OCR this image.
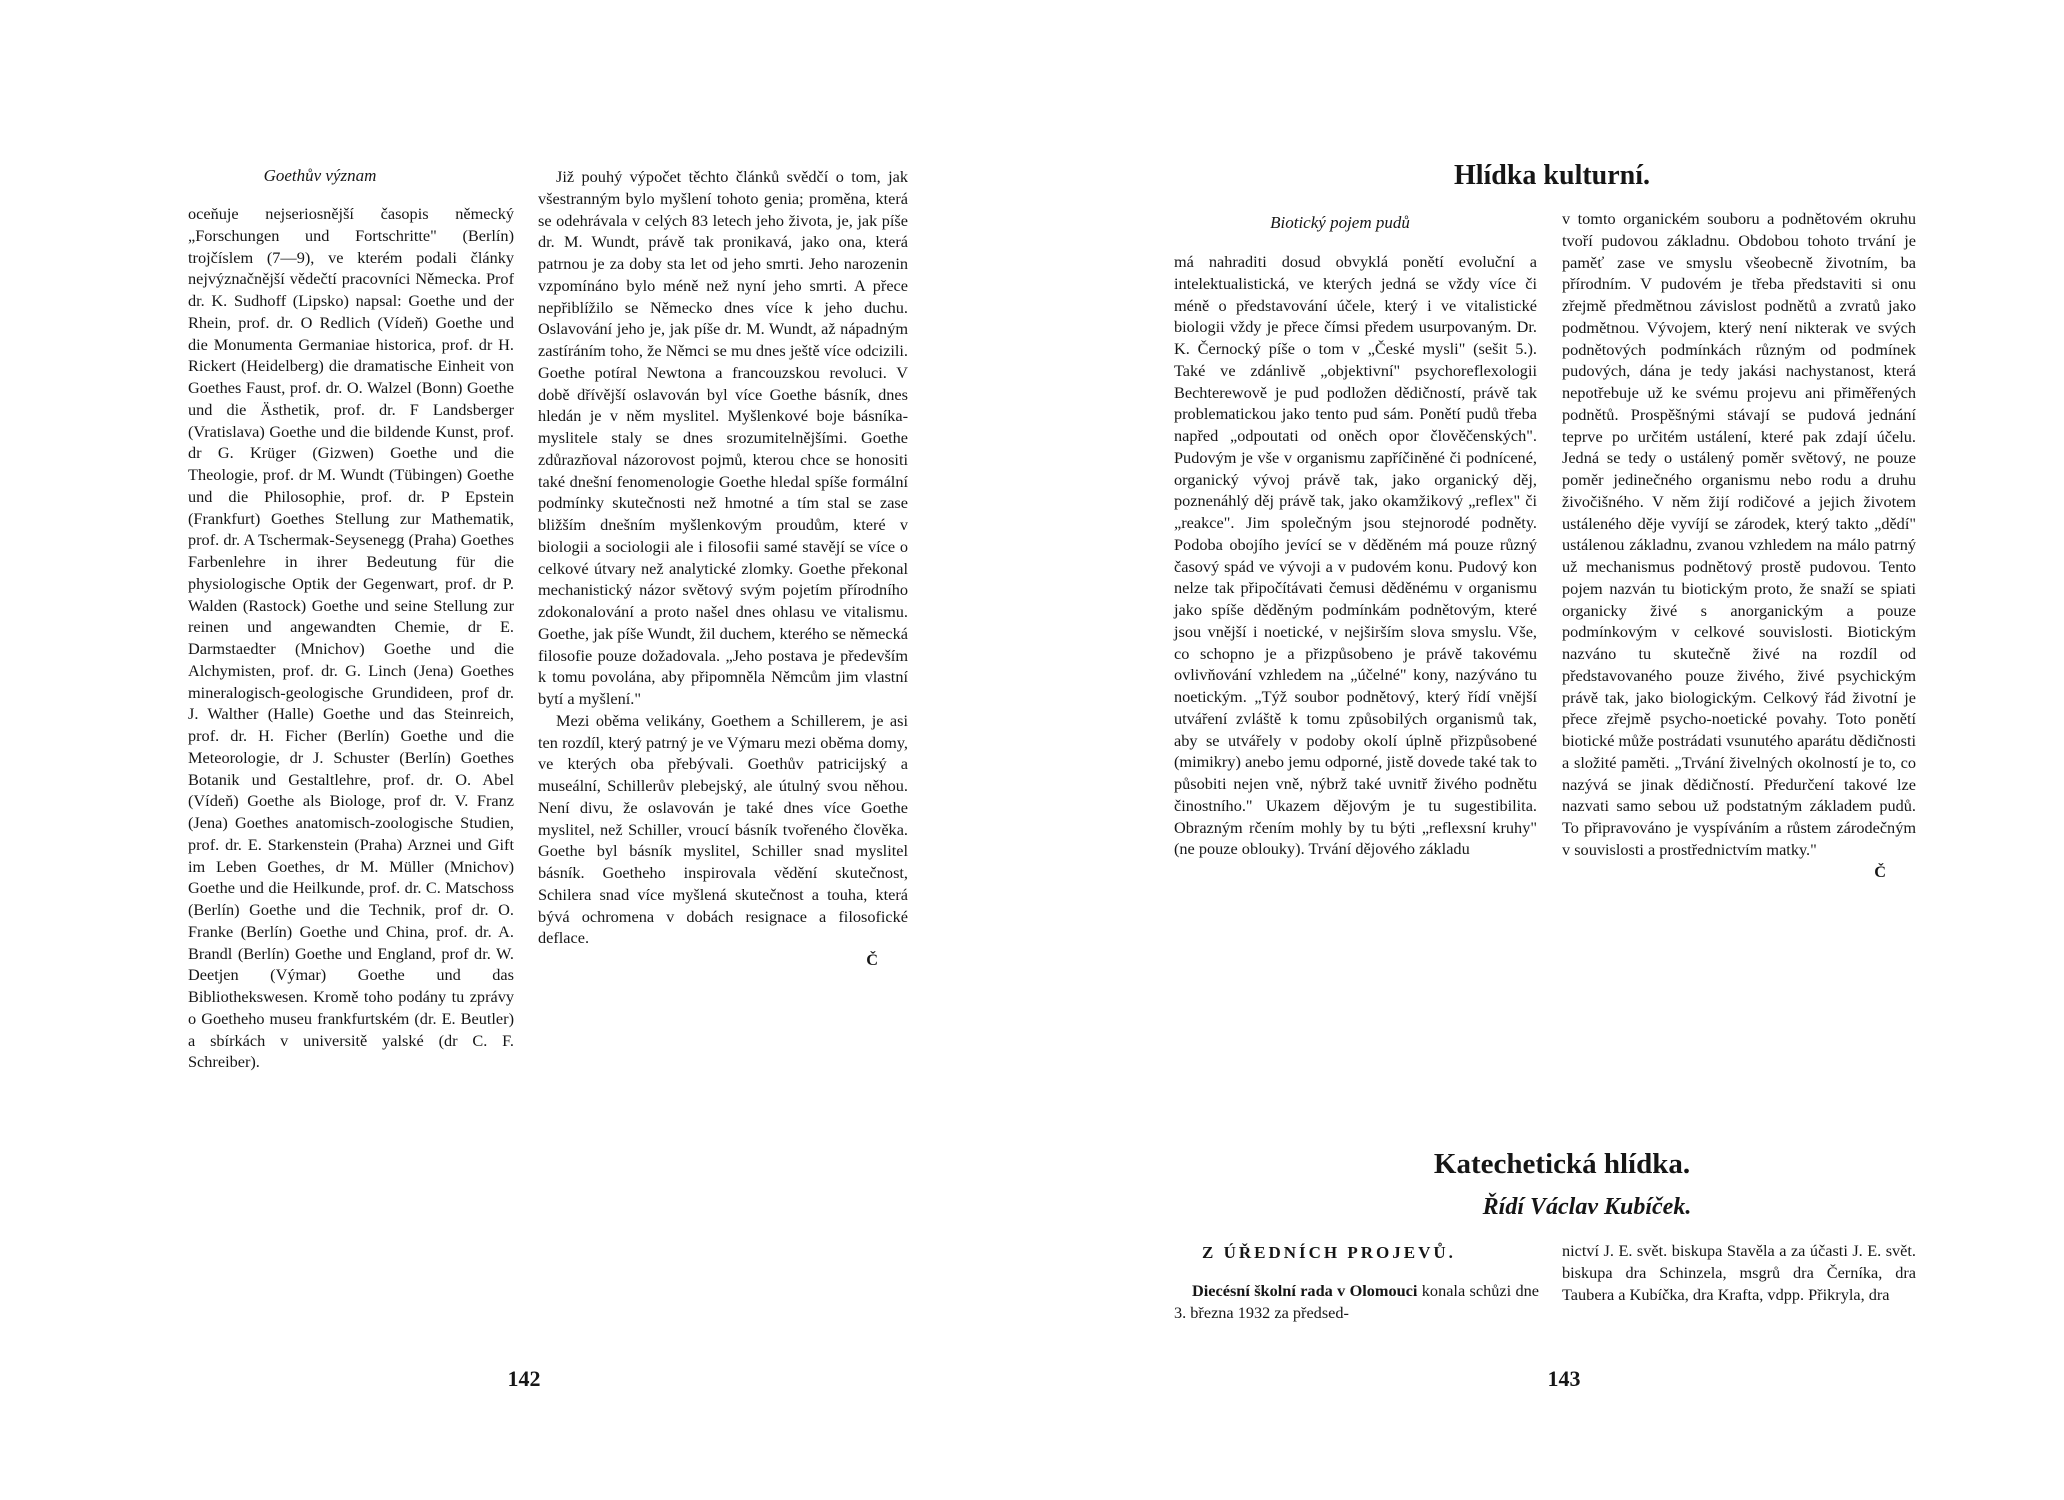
Goethův význam

oceňuje nejseriosnější časopis německý „Forschungen und Fortschritte" (Berlín) trojčíslem (7—9), ve kterém podali články nejvýznačnější vědečtí pracovníci Německa. Prof dr. K. Sudhoff (Lipsko) napsal: Goethe und der Rhein, prof. dr. O Redlich (Vídeň) Goethe und die Monumenta Germaniae historica, prof. dr H. Rickert (Heidelberg) die dramatische Einheit von Goethes Faust, prof. dr. O. Walzel (Bonn) Goethe und die Ästhetik, prof. dr. F Landsberger (Vratislava) Goethe und die bildende Kunst, prof. dr G. Krüger (Gizwen) Goethe und die Theologie, prof. dr M. Wundt (Tübingen) Goethe und die Philosophie, prof. dr. P Epstein (Frankfurt) Goethes Stellung zur Mathematik, prof. dr. A Tschermak-Seysenegg (Praha) Goethes Farbenlehre in ihrer Bedeutung für die physiologische Optik der Gegenwart, prof. dr P. Walden (Rastock) Goethe und seine Stellung zur reinen und angewandten Chemie, dr E. Darmstaedter (Mnichov) Goethe und die Alchymisten, prof. dr. G. Linch (Jena) Goethes mineralogisch-geologische Grundideen, prof dr. J. Walther (Halle) Goethe und das Steinreich, prof. dr. H. Ficher (Berlín) Goethe und die Meteorologie, dr J. Schuster (Berlín) Goethes Botanik und Gestaltlehre, prof. dr. O. Abel (Vídeň) Goethe als Biologe, prof dr. V. Franz (Jena) Goethes anatomisch-zoologische Studien, prof. dr. E. Starkenstein (Praha) Arznei und Gift im Leben Goethes, dr M. Müller (Mnichov) Goethe und die Heilkunde, prof. dr. C. Matschoss (Berlín) Goethe und die Technik, prof dr. O. Franke (Berlín) Goethe und China, prof. dr. A. Brandl (Berlín) Goethe und England, prof dr. W. Deetjen (Výmar) Goethe und das Bibliothekswesen. Kromě toho podány tu zprávy o Goetheho museu frankfurtském (dr. E. Beutler) a sbírkách v universitě yalské (dr C. F. Schreiber).

Již pouhý výpočet těchto článků svědčí o tom, jak všestranným bylo myšlení tohoto genia; proměna, která se odehrávala v celých 83 letech jeho života, je, jak píše dr. M. Wundt, právě tak pronikavá, jako ona, která patrnou je za doby sta let od jeho smrti. Jeho narozenin vzpomínáno bylo méně než nyní jeho smrti. A přece nepřiblížilo se Německo dnes více k jeho duchu. Oslavování jeho je, jak píše dr. M. Wundt, až nápadným zastíráním toho, že Němci se mu dnes ještě více odcizili. Goethe potíral Newtona a francouzskou revoluci. V době dřívější oslavován byl více Goethe básník, dnes hledán je v něm myslitel. Myšlenkové boje básníka-myslitele staly se dnes srozumitelnějšími. Goethe zdůrazňoval názorovost pojmů, kterou chce se honositi také dnešní fenomenologie Goethe hledal spíše formální podmínky skutečnosti než hmotné a tím stal se zase bližším dnešním myšlenkovým proudům, které v biologii a sociologii ale i filosofii samé stavějí se více o celkové útvary než analytické zlomky. Goethe překonal mechanistický názor světový svým pojetím přírodního zdokonalování a proto našel dnes ohlasu ve vitalismu. Goethe, jak píše Wundt, žil duchem, kterého se německá filosofie pouze dožadovala. „Jeho postava je především k tomu povolána, aby připomněla Němcům jim vlastní bytí a myšlení."

Mezi oběma velikány, Goethem a Schillerem, je asi ten rozdíl, který patrný je ve Výmaru mezi oběma domy, ve kterých oba přebývali. Goethův patricijský a museální, Schillerův plebejský, ale útulný svou něhou. Není divu, že oslavován je také dnes více Goethe myslitel, než Schiller, vroucí básník tvořeného člověka. Goethe byl básník myslitel, Schiller snad myslitel básník. Goetheho inspirovala vědění skutečnost, Schilera snad více myšlená skutečnost a touha, která bývá ochromena v dobách resignace a filosofické deflace.

Č
142
Hlídka kulturní.
Biotický pojem pudů

má nahraditi dosud obvyklá ponětí evoluční a intelektualistická, ve kterých jedná se vždy více či méně o představování účele, který i ve vitalistické biologii vždy je přece čímsi předem usurpovaným. Dr. K. Černocký píše o tom v „České mysli" (sešit 5.). Také ve zdánlivě „objektivní" psychoreflexologii Bechterewově je pud podložen dědičností, právě tak problematickou jako tento pud sám. Ponětí pudů třeba napřed „odpoutati od oněch opor člověčenských". Pudovým je vše v organismu zapříčiněné či podnícené, organický vývoj právě tak, jako organický děj, poznenáhlý děj právě tak, jako okamžikový „reflex" či „reakce". Jim společným jsou stejnorodé podněty. Podoba obojího jevící se v děděném má pouze různý časový spád ve vývoji a v pudovém konu. Pudový kon nelze tak připočítávati čemusi děděnému v organismu jako spíše děděným podmínkám podnětovým, které jsou vnější i noetické, v nejširším slova smyslu. Vše, co schopno je a přizpůsobeno je právě takovému ovlivňování vzhledem na „účelné" kony, nazýváno tu noetickým. „Týž soubor podnětový, který řídí vnější utváření zvláště k tomu způsobilých organismů tak, aby se utvářely v podoby okolí úplně přizpůsobené (mimikry) anebo jemu odporné, jistě dovede také tak to působiti nejen vně, nýbrž také uvnitř živého podnětu činostního." Ukazem dějovým je tu sugestibilita. Obrazným rčením mohly by tu býti „reflexsní kruhy" (ne pouze oblouky). Trvání dějového základu

v tomto organickém souboru a podnětovém okruhu tvoří pudovou základnu. Obdobou tohoto trvání je paměť zase ve smyslu všeobecně životním, ba přírodním. V pudovém je třeba představiti si onu zřejmě předmětnou závislost podnětů a zvratů jako podmětnou. Vývojem, který není nikterak ve svých podnětových podmínkách různým od podmínek pudových, dána je tedy jakási nachystanost, která nepotřebuje už ke svému projevu ani přiměřených podnětů. Prospěšnými stávají se pudová jednání teprve po určitém ustálení, které pak zdají účelu. Jedná se tedy o ustálený poměr světový, ne pouze poměr jedinečného organismu nebo rodu a druhu živočišného. V něm žijí rodičové a jejich životem ustáleného děje vyvíjí se zárodek, který takto „dědí" ustálenou základnu, zvanou vzhledem na málo patrný už mechanismus podnětový prostě pudovou. Tento pojem nazván tu biotickým proto, že snaží se spiati organicky živé s anorganickým a pouze podmínkovým v celkové souvislosti. Biotickým nazváno tu skutečně živé na rozdíl od představovaného pouze živého, živé psychickým právě tak, jako biologickým. Celkový řád životní je přece zřejmě psycho-noetické povahy. Toto ponětí biotické může postrádati vsunutého aparátu dědičnosti a složité paměti. „Trvání živelných okolností je to, co nazývá se jinak dědičností. Předurčení takové lze nazvati samo sebou už podstatným základem pudů. To připravováno je vyspíváním a růstem zárodečným v souvislosti a prostřednictvím matky."

Č
Katechetická hlídka.
Řídí Václav Kubíček.
Z ÚŘEDNÍCH PROJEVŮ.

Diecésní školní rada v Olomouci konala schůzi dne 3. března 1932 za předsed-

nictví J. E. svět. biskupa Stavěla a za účasti J. E. svět. biskupa dra Schinzela, msgrů dra Černíka, dra Taubera a Kubíčka, dra Krafta, vdpp. Přikryla, dra

143
